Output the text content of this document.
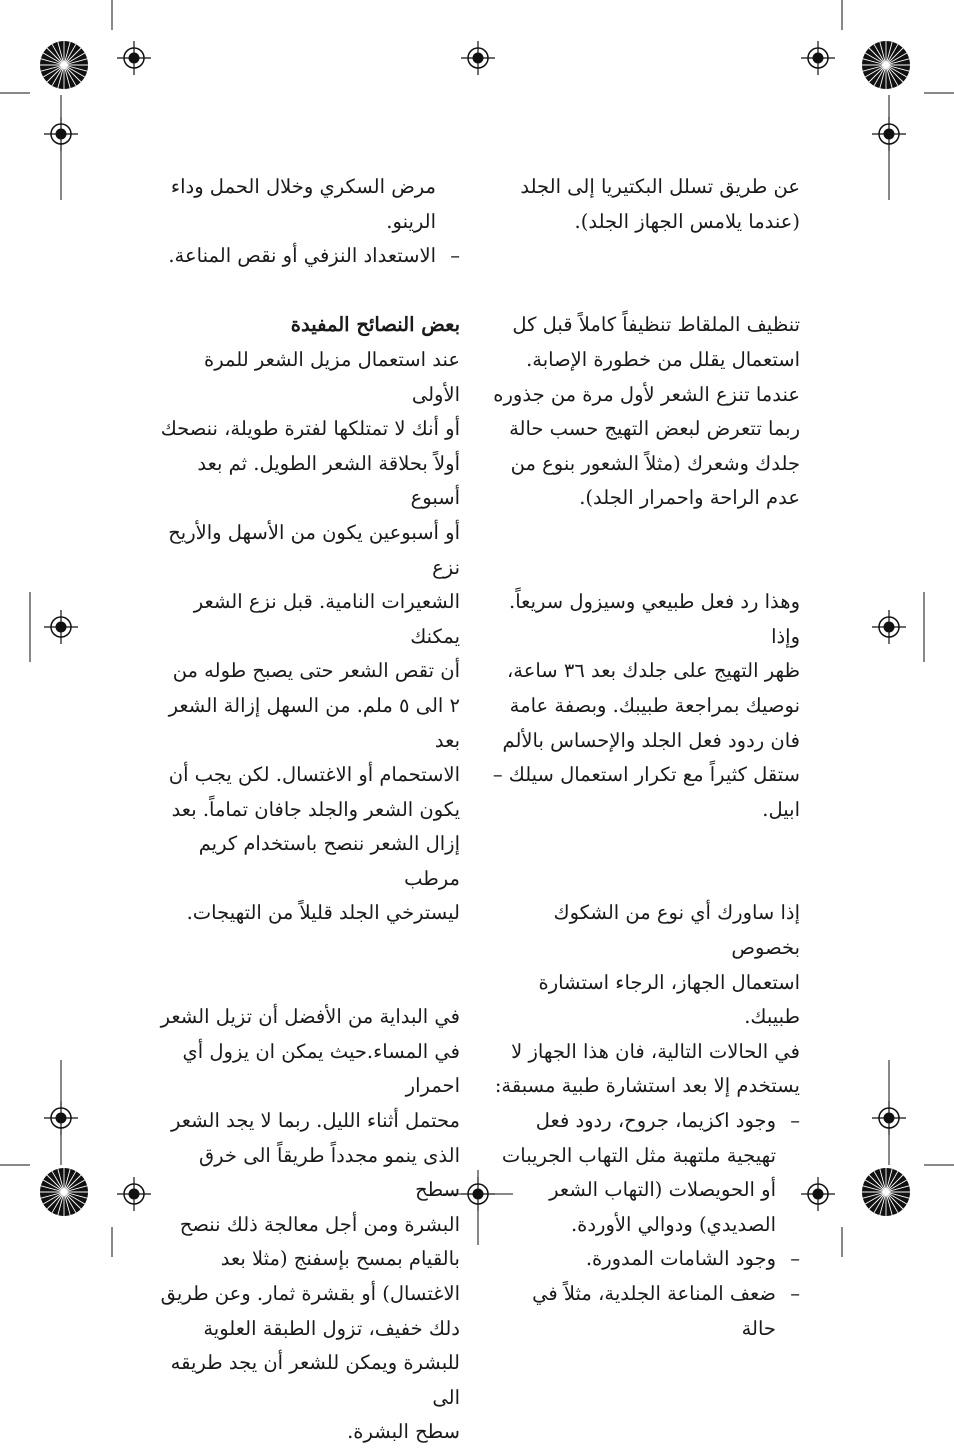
عن طريق تسلل البكتيريا إلى الجلد
(عندما يلامس الجهاز الجلد).

تنظيف الملقاط تنظيفاً كاملاً قبل كل
استعمال يقلل من خطورة الإصابة.
عندما تنزع الشعر لأول مرة من جذوره
ربما تتعرض لبعض التهيج حسب حالة
جلدك وشعرك (مثلاً الشعور بنوع من
عدم الراحة واحمرار الجلد).

وهذا رد فعل طبيعي وسيزول سريعاً. وإذا
ظهر التهيج على جلدك بعد ٣٦ ساعة،
نوصيك بمراجعة طبيبك. وبصفة عامة
فان ردود فعل الجلد والإحساس بالألم
ستقل كثيراً مع تكرار استعمال سيلك –
ابيل.

إذا ساورك أي نوع من الشكوك بخصوص
استعمال الجهاز، الرجاء استشارة طبيبك.
في الحالات التالية، فان هذا الجهاز لا
يستخدم إلا بعد استشارة طبية مسبقة:

–
وجود اكزيما، جروح، ردود فعل
تهيجية ملتهبة مثل التهاب الجريبات
أو الحويصلات (التهاب الشعر
الصديدي) ودوالي الأوردة.
–
وجود الشامات المدورة.
–
ضعف المناعة الجلدية، مثلاً في حالة

مرض السكري وخلال الحمل وداء
الرينو.

–
الاستعداد النزفي أو نقص المناعة.

بعض النصائح المفيدة

عند استعمال مزيل الشعر للمرة الأولى
أو أنك لا تمتلكها لفترة طويلة، ننصحك
أولاً بحلاقة الشعر الطويل. ثم بعد أسبوع
أو أسبوعين يكون من الأسهل والأريح نزع
الشعيرات النامية. قبل نزع الشعر يمكنك
أن تقص الشعر حتى يصبح طوله من
٢ الى ٥ ملم. من السهل إزالة الشعر بعد
الاستحمام أو الاغتسال. لكن يجب أن
يكون الشعر والجلد جافان تماماً. بعد
إزال الشعر ننصح باستخدام كريم مرطب
ليسترخي الجلد قليلاً من التهيجات.

في البداية من الأفضل أن تزيل الشعر
في المساء.حيث يمكن ان يزول أي احمرار
محتمل أثناء الليل. ربما لا يجد الشعر
الذى ينمو مجدداً طريقاً الى خرق سطح
البشرة ومن أجل معالجة ذلك ننصح
بالقيام بمسح بإسفنج (مثلا بعد
الاغتسال) أو بقشرة ثمار. وعن طريق
دلك خفيف، تزول الطبقة العلوية
للبشرة ويمكن للشعر أن يجد طريقه الى
سطح البشرة.
